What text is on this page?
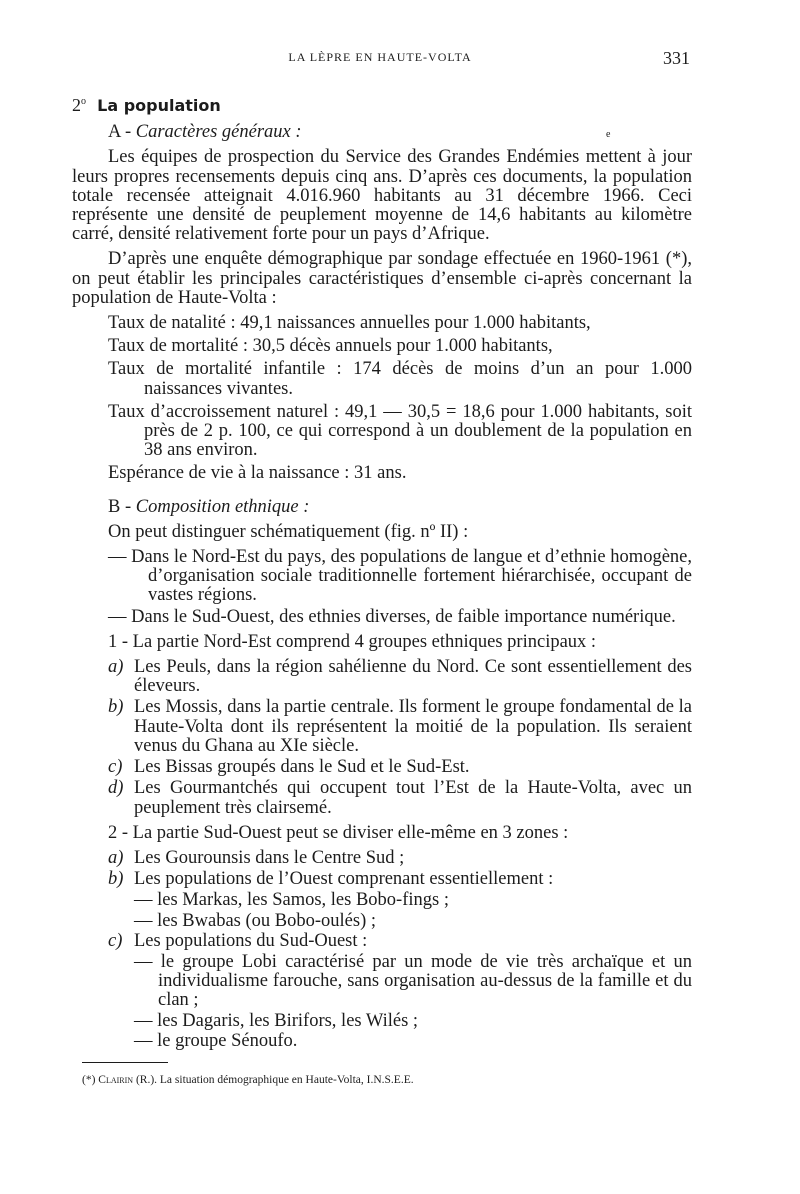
LA LÈPRE EN HAUTE-VOLTA	331
e

2$^o$ La population

A - Caractères généraux :

Les équipes de prospection du Service des Grandes Endémies mettent à jour leurs propres recensements depuis cinq ans. D’après ces documents, la population totale recensée atteignait 4.016.960 habitants au 31 décembre 1966. Ceci représente une densité de peuplement moyenne de 14,6 habitants au kilomètre carré, densité relativement forte pour un pays d’Afrique.

D’après une enquête démographique par sondage effectuée en 1960-1961 (*), on peut établir les principales caractéristiques d’ensemble ci-après concernant la population de Haute-Volta :

Taux de natalité : 49,1 naissances annuelles pour 1.000 habitants,

Taux de mortalité : 30,5 décès annuels pour 1.000 habitants,

Taux de mortalité infantile : 174 décès de moins d’un an pour 1.000 naissances vivantes.

Taux d’accroissement naturel : 49,1 — 30,5 = 18,6 pour 1.000 habitants, soit près de 2 p. 100, ce qui correspond à un doublement de la population en 38 ans environ.

Espérance de vie à la naissance : 31 ans.

B - Composition ethnique :

On peut distinguer schématiquement (fig. nº II) :

— Dans le Nord-Est du pays, des populations de langue et d’ethnie homogène, d’organisation sociale traditionnelle fortement hiérarchisée, occupant de vastes régions.

— Dans le Sud-Ouest, des ethnies diverses, de faible importance numérique.

1 - La partie Nord-Est comprend 4 groupes ethniques principaux :

a) Les Peuls, dans la région sahélienne du Nord. Ce sont essentiellement des éleveurs.

b) Les Mossis, dans la partie centrale. Ils forment le groupe fondamental de la Haute-Volta dont ils représentent la moitié de la population. Ils seraient venus du Ghana au XIe siècle.

c) Les Bissas groupés dans le Sud et le Sud-Est.

d) Les Gourmantchés qui occupent tout l’Est de la Haute-Volta, avec un peuplement très clairsemé.

2 - La partie Sud-Ouest peut se diviser elle-même en 3 zones :

a) Les Gourounsis dans le Centre Sud ;

b) Les populations de l’Ouest comprenant essentiellement :

— les Markas, les Samos, les Bobo-fings ;

— les Bwabas (ou Bobo-oulés) ;

c) Les populations du Sud-Ouest :

— le groupe Lobi caractérisé par un mode de vie très archaïque et un individualisme farouche, sans organisation au-dessus de la famille et du clan ;

— les Dagaris, les Birifors, les Wilés ;

— le groupe Sénoufo.

(*) Clairin (R.). La situation démographique en Haute-Volta, I.N.S.E.E.
